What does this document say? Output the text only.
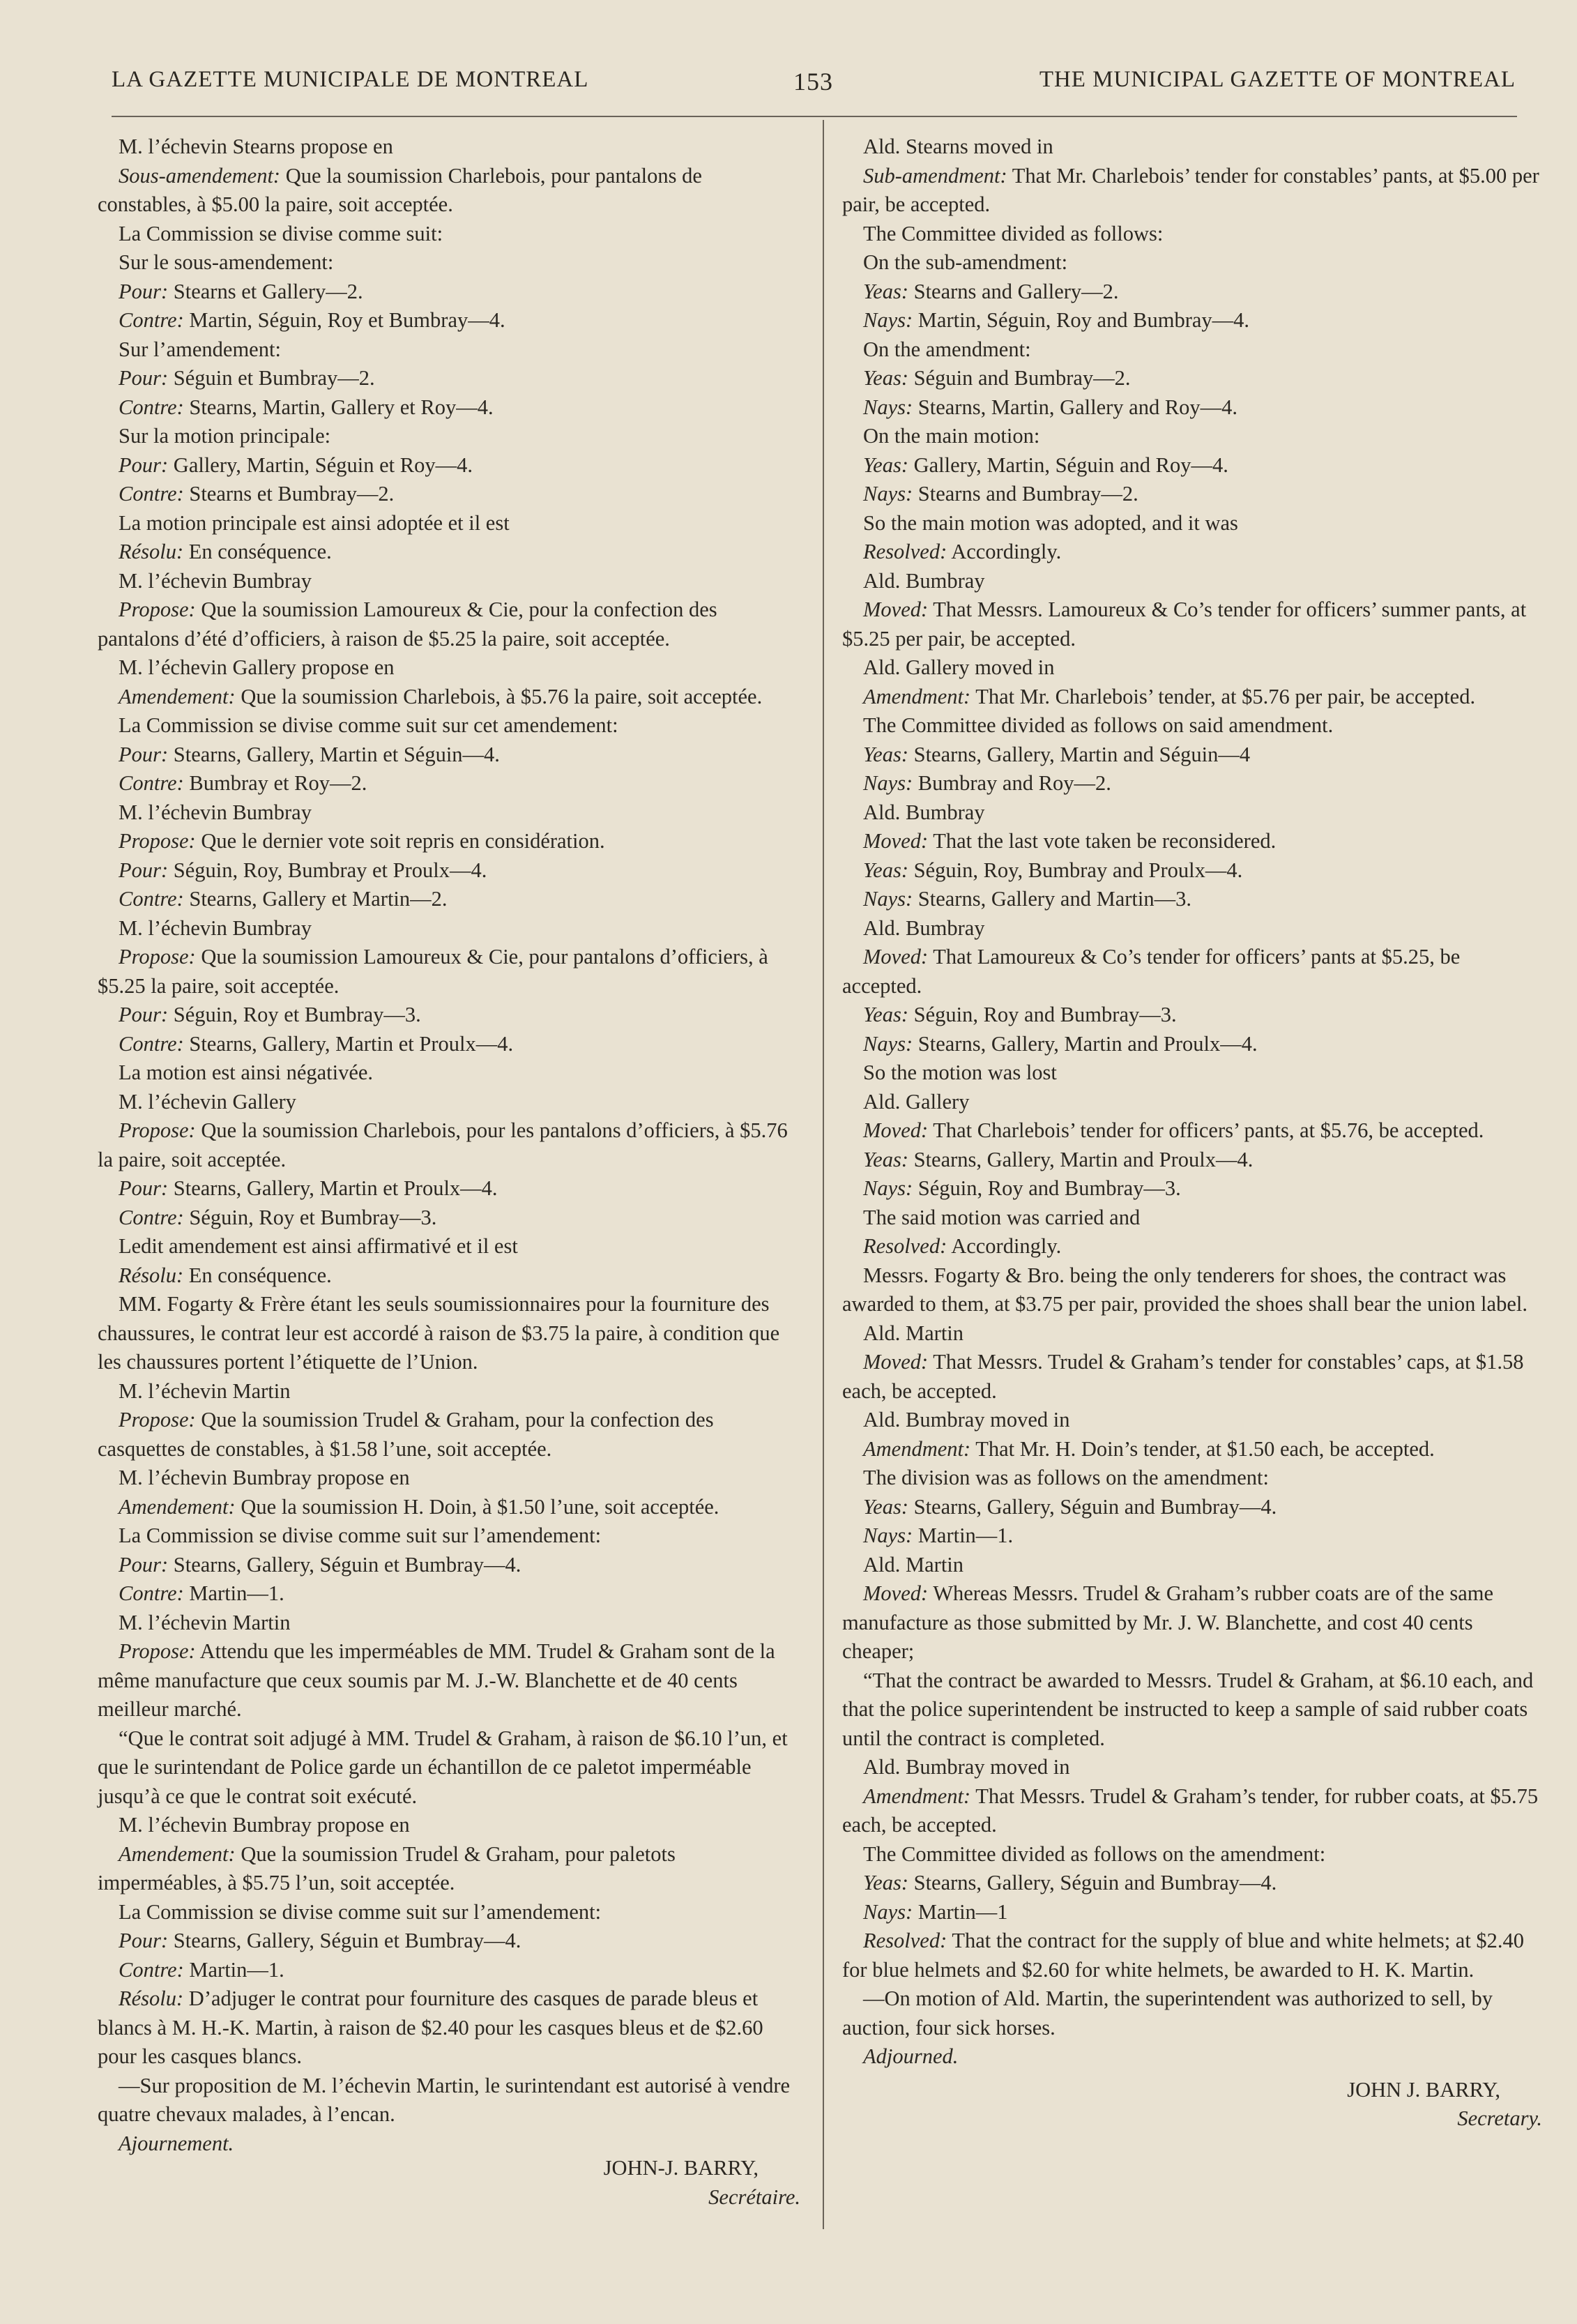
LA GAZETTE MUNICIPALE DE MONTREAL	153	THE MUNICIPAL GAZETTE OF MONTREAL

M. l’échevin Stearns propose en

Sous-amendement: Que la soumission Charlebois, pour pantalons de constables, à $5.00 la paire, soit acceptée.

La Commission se divise comme suit:

Sur le sous-amendement:

Pour: Stearns et Gallery—2.

Contre: Martin, Séguin, Roy et Bumbray—4.

Sur l’amendement:

Pour: Séguin et Bumbray—2.

Contre: Stearns, Martin, Gallery et Roy—4.

Sur la motion principale:

Pour: Gallery, Martin, Séguin et Roy—4.

Contre: Stearns et Bumbray—2.

La motion principale est ainsi adoptée et il est

Résolu: En conséquence.

M. l’échevin Bumbray

Propose: Que la soumission Lamoureux & Cie, pour la confection des pantalons d’été d’officiers, à raison de $5.25 la paire, soit acceptée.

M. l’échevin Gallery propose en

Amendement: Que la soumission Charlebois, à $5.76 la paire, soit acceptée.

La Commission se divise comme suit sur cet amendement:

Pour: Stearns, Gallery, Martin et Séguin—4.

Contre: Bumbray et Roy—2.

M. l’échevin Bumbray

Propose: Que le dernier vote soit repris en considération.

Pour: Séguin, Roy, Bumbray et Proulx—4.

Contre: Stearns, Gallery et Martin—2.

M. l’échevin Bumbray

Propose: Que la soumission Lamoureux & Cie, pour pantalons d’officiers, à $5.25 la paire, soit acceptée.

Pour: Séguin, Roy et Bumbray—3.

Contre: Stearns, Gallery, Martin et Proulx—4.

La motion est ainsi négativée.

M. l’échevin Gallery

Propose: Que la soumission Charlebois, pour les pantalons d’officiers, à $5.76 la paire, soit acceptée.

Pour: Stearns, Gallery, Martin et Proulx—4.

Contre: Séguin, Roy et Bumbray—3.

Ledit amendement est ainsi affirmativé et il est

Résolu: En conséquence.

MM. Fogarty & Frère étant les seuls soumissionnaires pour la fourniture des chaussures, le contrat leur est accordé à raison de $3.75 la paire, à condition que les chaussures portent l’étiquette de l’Union.

M. l’échevin Martin

Propose: Que la soumission Trudel & Graham, pour la confection des casquettes de constables, à $1.58 l’une, soit acceptée.

M. l’échevin Bumbray propose en

Amendement: Que la soumission H. Doin, à $1.50 l’une, soit acceptée.

La Commission se divise comme suit sur l’amendement:

Pour: Stearns, Gallery, Séguin et Bumbray—4.

Contre: Martin—1.

M. l’échevin Martin

Propose: Attendu que les imperméables de MM. Trudel & Graham sont de la même manufacture que ceux soumis par M. J.-W. Blanchette et de 40 cents meilleur marché.

“Que le contrat soit adjugé à MM. Trudel & Graham, à raison de $6.10 l’un, et que le surintendant de Police garde un échantillon de ce paletot imperméable jusqu’à ce que le contrat soit exécuté.

M. l’échevin Bumbray propose en

Amendement: Que la soumission Trudel & Graham, pour paletots imperméables, à $5.75 l’un, soit acceptée.

La Commission se divise comme suit sur l’amendement:

Pour: Stearns, Gallery, Séguin et Bumbray—4.

Contre: Martin—1.

Résolu: D’adjuger le contrat pour fourniture des casques de parade bleus et blancs à M. H.-K. Martin, à raison de $2.40 pour les casques bleus et de $2.60 pour les casques blancs.

—Sur proposition de M. l’échevin Martin, le surintendant est autorisé à vendre quatre chevaux malades, à l’encan.

Ajournement.

JOHN-J. BARRY,
Secrétaire.

Ald. Stearns moved in

Sub-amendment: That Mr. Charlebois’ tender for constables’ pants, at $5.00 per pair, be accepted.

The Committee divided as follows:

On the sub-amendment:

Yeas: Stearns and Gallery—2.

Nays: Martin, Séguin, Roy and Bumbray—4.

On the amendment:

Yeas: Séguin and Bumbray—2.

Nays: Stearns, Martin, Gallery and Roy—4.

On the main motion:

Yeas: Gallery, Martin, Séguin and Roy—4.

Nays: Stearns and Bumbray—2.

So the main motion was adopted, and it was

Resolved: Accordingly.

Ald. Bumbray

Moved: That Messrs. Lamoureux & Co’s tender for officers’ summer pants, at $5.25 per pair, be accepted.

Ald. Gallery moved in

Amendment: That Mr. Charlebois’ tender, at $5.76 per pair, be accepted.

The Committee divided as follows on said amendment.

Yeas: Stearns, Gallery, Martin and Séguin—4

Nays: Bumbray and Roy—2.

Ald. Bumbray

Moved: That the last vote taken be reconsidered.

Yeas: Séguin, Roy, Bumbray and Proulx—4.

Nays: Stearns, Gallery and Martin—3.

Ald. Bumbray

Moved: That Lamoureux & Co’s tender for officers’ pants at $5.25, be accepted.

Yeas: Séguin, Roy and Bumbray—3.

Nays: Stearns, Gallery, Martin and Proulx—4.

So the motion was lost

Ald. Gallery

Moved: That Charlebois’ tender for officers’ pants, at $5.76, be accepted.

Yeas: Stearns, Gallery, Martin and Proulx—4.

Nays: Séguin, Roy and Bumbray—3.

The said motion was carried and

Resolved: Accordingly.

Messrs. Fogarty & Bro. being the only tenderers for shoes, the contract was awarded to them, at $3.75 per pair, provided the shoes shall bear the union label.

Ald. Martin

Moved: That Messrs. Trudel & Graham’s tender for constables’ caps, at $1.58 each, be accepted.

Ald. Bumbray moved in

Amendment: That Mr. H. Doin’s tender, at $1.50 each, be accepted.

The division was as follows on the amendment:

Yeas: Stearns, Gallery, Séguin and Bumbray—4.

Nays: Martin—1.

Ald. Martin

Moved: Whereas Messrs. Trudel & Graham’s rubber coats are of the same manufacture as those submitted by Mr. J. W. Blanchette, and cost 40 cents cheaper;

“That the contract be awarded to Messrs. Trudel & Graham, at $6.10 each, and that the police superintendent be instructed to keep a sample of said rubber coats until the contract is completed.

Ald. Bumbray moved in

Amendment: That Messrs. Trudel & Graham’s tender, for rubber coats, at $5.75 each, be accepted.

The Committee divided as follows on the amendment:

Yeas: Stearns, Gallery, Séguin and Bumbray—4.

Nays: Martin—1

Resolved: That the contract for the supply of blue and white helmets; at $2.40 for blue helmets and $2.60 for white helmets, be awarded to H. K. Martin.

—On motion of Ald. Martin, the superintendent was authorized to sell, by auction, four sick horses.

Adjourned.

JOHN J. BARRY,
Secretary.
